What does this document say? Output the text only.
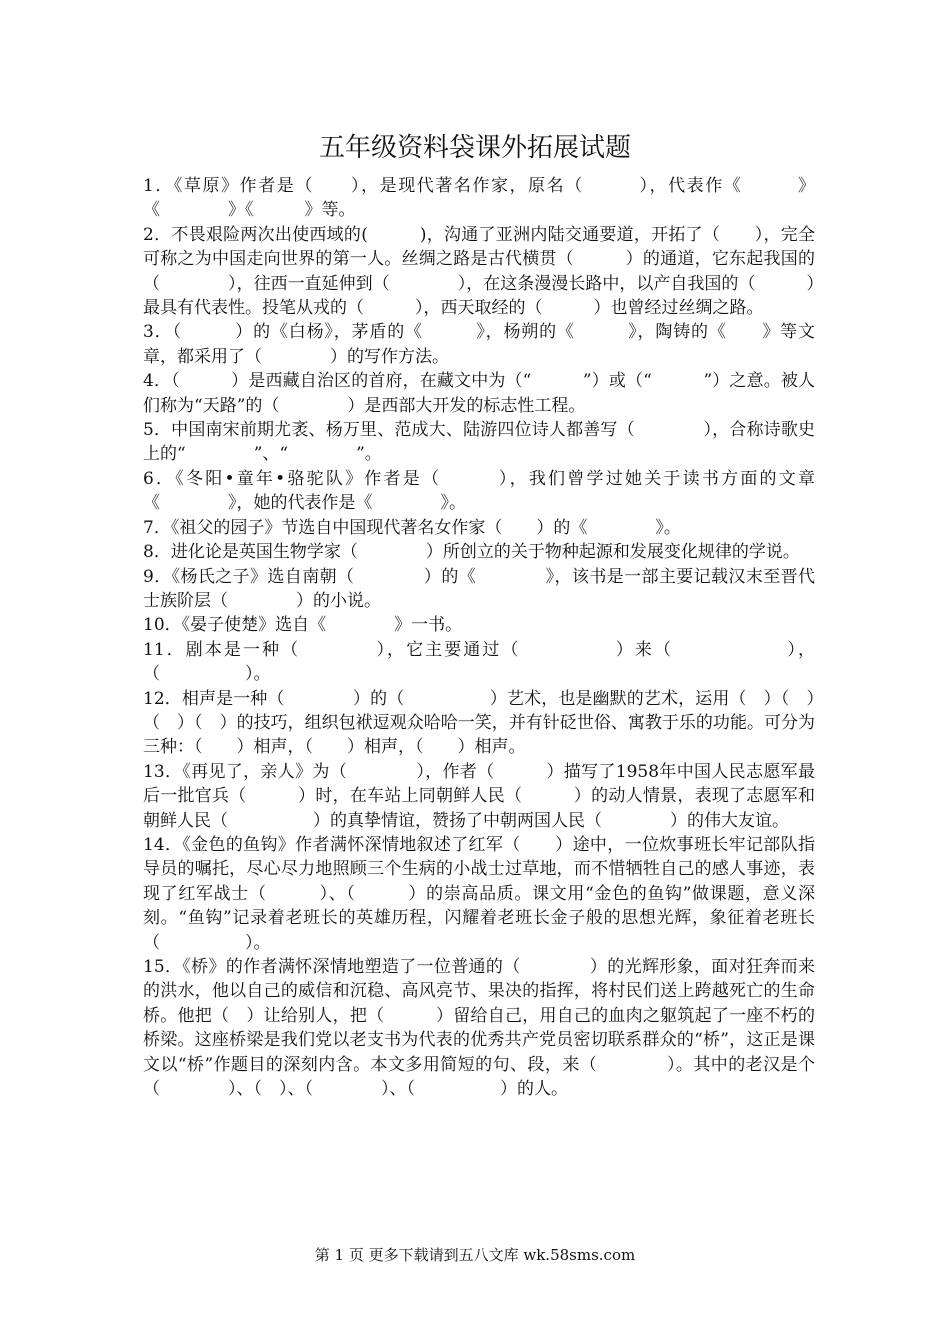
五年级资料袋课外拓展试题

1．《草原》作者是（　　），是现代著名作家，原名（　　　），代表作《　　　》《　　　　》《　　　》等。

2．不畏艰险两次出使西域的(　　　)，沟通了亚洲内陆交通要道，开拓了（　　），完全可称之为中国走向世界的第一人。丝绸之路是古代横贯（　　　）的通道，它东起我国的（　　　　），往西一直延伸到（　　　　），在这条漫漫长路中，以产自我国的（　　　）最具有代表性。投笔从戎的（　　　），西天取经的（　　　）也曾经过丝绸之路。

3．（　　　）的《白杨》，茅盾的《　　　》，杨朔的《　　　》，陶铸的《　　》等文章，都采用了（　　　　）的写作方法。

4．（　　　）是西藏自治区的首府，在藏文中为（“　　　”）或（“　　　”）之意。被人们称为“天路”的（　　　　）是西部大开发的标志性工程。

5．中国南宋前期尤袤、杨万里、范成大、陆游四位诗人都善写（　　　　），合称诗歌史上的“　　　　”、“　　　　”。

6．《冬阳•童年•骆驼队》作者是（　　　），我们曾学过她关于读书方面的文章《　　　　》，她的代表作是《　　　　》。

7．《祖父的园子》节选自中国现代著名女作家（　　）的《　　　　》。

8．进化论是英国生物学家（　　　　）所创立的关于物种起源和发展变化规律的学说。

9．《杨氏之子》选自南朝（　　　　）的《　　　　》，该书是一部主要记载汉末至晋代士族阶层（　　　　）的小说。

10．《晏子使楚》选自《　　　　》一书。

11．剧本是一种（　　　　），它主要通过（　　　　　）来（　　　　　　），（　　　　　）。

12．相声是一种（　　　　）的（　　　　　）艺术，也是幽默的艺术，运用（　）（　）（　）（　）的技巧，组织包袱逗观众哈哈一笑，并有针砭世俗、寓教于乐的功能。可分为三种：（　　）相声，（　　）相声，（　　）相声。

13．《再见了，亲人》为（　　　　），作者（　　　）描写了1958年中国人民志愿军最后一批官兵（　　　）时，在车站上同朝鲜人民（　　　）的动人情景，表现了志愿军和朝鲜人民（　　　　　）的真挚情谊，赞扬了中朝两国人民（　　　　）的伟大友谊。

14．《金色的鱼钩》作者满怀深情地叙述了红军（　　）途中，一位炊事班长牢记部队指导员的嘱托，尽心尽力地照顾三个生病的小战士过草地，而不惜牺牲自己的感人事迹，表现了红军战士（　　　）、（　　　）的崇高品质。课文用“金色的鱼钩”做课题，意义深刻。“鱼钩”记录着老班长的英雄历程，闪耀着老班长金子般的思想光辉，象征着老班长（　　　　　）。

15．《桥》的作者满怀深情地塑造了一位普通的（　　　　）的光辉形象，面对狂奔而来的洪水，他以自己的威信和沉稳、高风亮节、果决的指挥，将村民们送上跨越死亡的生命桥。他把（　）让给别人，把（　　　）留给自己，用自己的血肉之躯筑起了一座不朽的桥梁。这座桥梁是我们党以老支书为代表的优秀共产党员密切联系群众的“桥”，这正是课文以“桥”作题目的深刻内含。本文多用简短的句、段，来（　　　　）。其中的老汉是个（　　　　）、（　）、（　　　　）、（　　　　　）的人。

第 1 页 更多下载请到五八文库 wk.58sms.com
